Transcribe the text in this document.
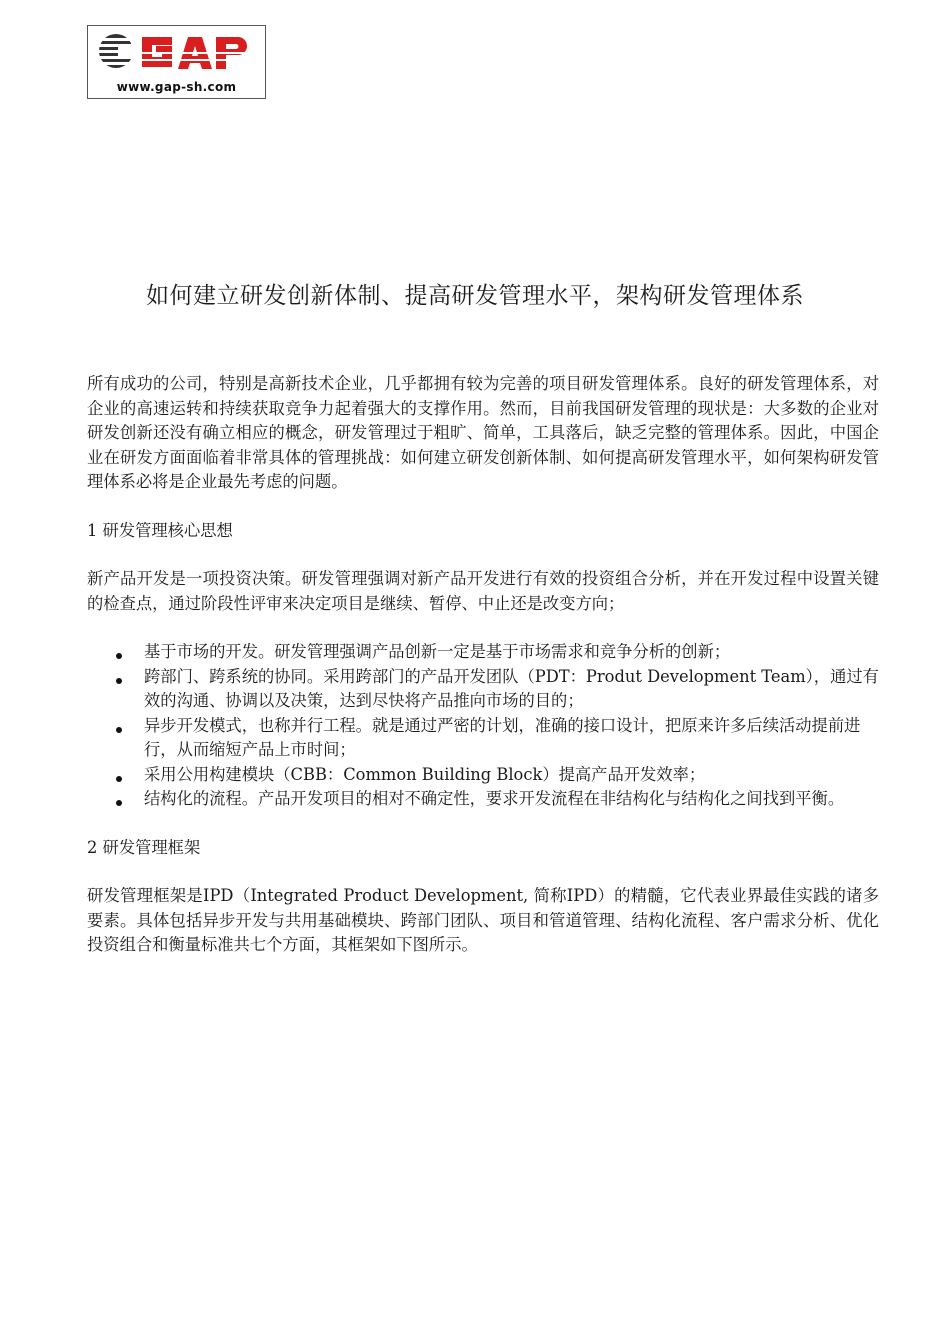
www.gap-sh.com
如何建立研发创新体制、提高研发管理水平，架构研发管理体系

所有成功的公司，特别是高新技术企业，几乎都拥有较为完善的项目研发管理体系。良好的研发管理体系，对企业的高速运转和持续获取竞争力起着强大的支撑作用。然而，目前我国研发管理的现状是：大多数的企业对研发创新还没有确立相应的概念，研发管理过于粗旷、简单，工具落后，缺乏完整的管理体系。因此，中国企业在研发方面面临着非常具体的管理挑战：如何建立研发创新体制、如何提高研发管理水平，如何架构研发管理体系必将是企业最先考虑的问题。

1 研发管理核心思想

新产品开发是一项投资决策。研发管理强调对新产品开发进行有效的投资组合分析，并在开发过程中设置关键的检查点，通过阶段性评审来决定项目是继续、暂停、中止还是改变方向；

基于市场的开发。研发管理强调产品创新一定是基于市场需求和竞争分析的创新；
跨部门、跨系统的协同。采用跨部门的产品开发团队（PDT：Produt Development Team），通过有效的沟通、协调以及决策，达到尽快将产品推向市场的目的；
异步开发模式，也称并行工程。就是通过严密的计划，准确的接口设计，把原来许多后续活动提前进行，从而缩短产品上市时间；
采用公用构建模块（CBB：Common Building Block）提高产品开发效率；
结构化的流程。产品开发项目的相对不确定性，要求开发流程在非结构化与结构化之间找到平衡。

2 研发管理框架

研发管理框架是IPD（Integrated Product Development, 简称IPD）的精髓，它代表业界最佳实践的诸多要素。具体包括异步开发与共用基础模块、跨部门团队、项目和管道管理、结构化流程、客户需求分析、优化投资组合和衡量标准共七个方面，其框架如下图所示。
